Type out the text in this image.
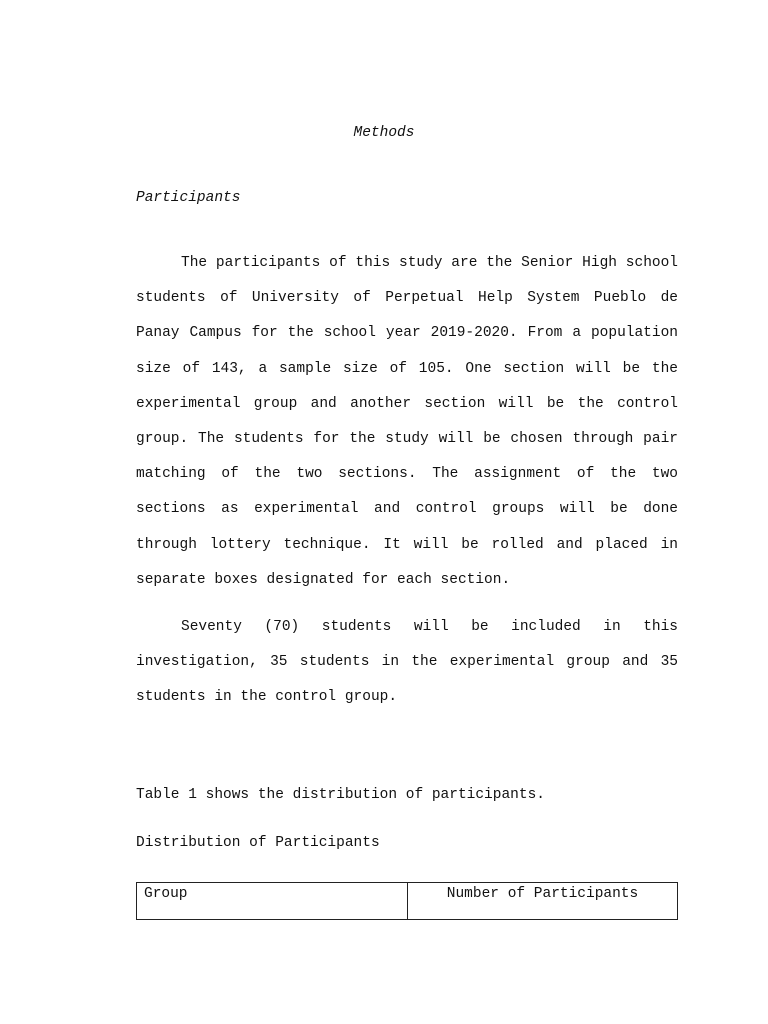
Methods
Participants

The participants of this study are the Senior High school students of University of Perpetual Help System Pueblo de Panay Campus for the school year 2019-2020. From a population size of 143, a sample size of 105. One section will be the experimental group and another section will be the control group. The students for the study will be chosen through pair matching of the two sections. The assignment of the two sections as experimental and control groups will be done through lottery technique. It will be rolled and placed in separate boxes designated for each section.

Seventy (70) students will be included in this investigation, 35 students in the experimental group and 35 students in the control group.

Table 1 shows the distribution of participants.
Distribution of Participants
Group	Number of Participants
